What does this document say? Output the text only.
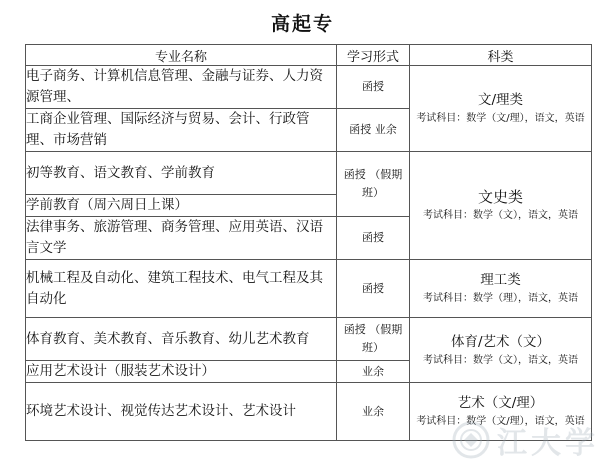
高起专
专业名称	学习形式	科类
电子商务、计算机信息管理、金融与证券、人力资源管理、	函授	文/理类
考试科目：数学（文/理），语文，英语

工商企业管理、国际经济与贸易、会计、行政管理、市场营销	函授 业余	
初等教育、语文教育、学前教育	函授 （假期班）	文史类
考试科目：数学（文），语文，英语

学前教育（周六周日上课）		
法律事务、旅游管理、商务管理、应用英语、汉语言文学	函授	
机械工程及自动化、建筑工程技术、电气工程及其自动化	函授	理工类
考试科目：数学（理），语文，英语

体育教育、美术教育、音乐教育、幼儿艺术教育	函授 （假期班）	体育/艺术（文）
考试科目：数学（文），语文，英语

应用艺术设计（服装艺术设计）	业余	
环境艺术设计、视觉传达艺术设计、艺术设计	业余	艺术（文/理）
考试科目：数学（文/理），语文，英语
江大学
